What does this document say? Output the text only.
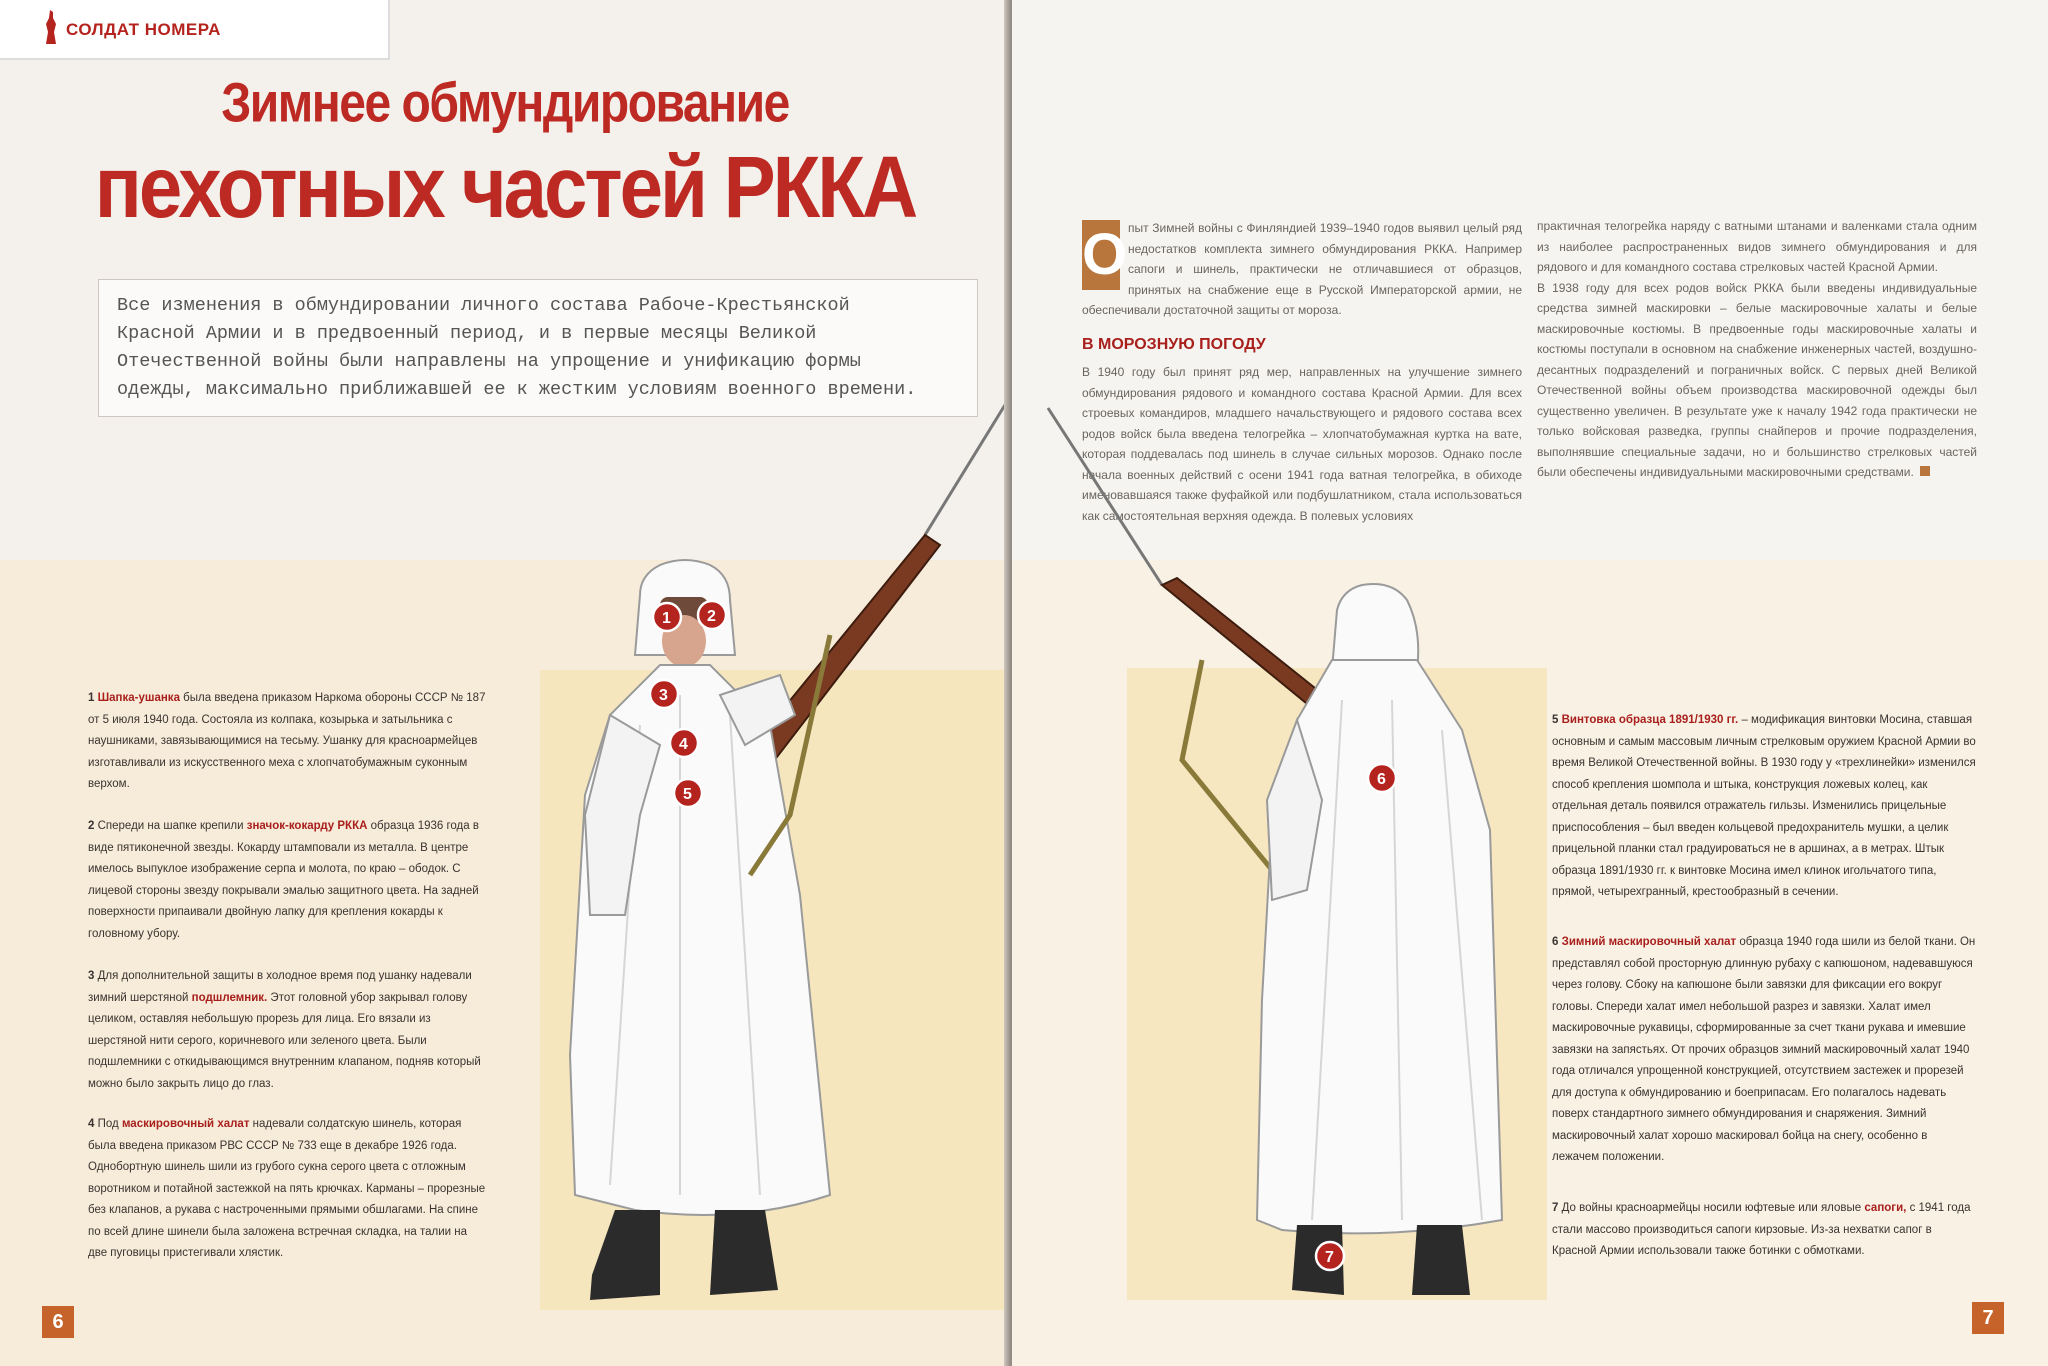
СОЛДАТ НОМЕРА
Зимнее обмундирование
пехотных частей РККА
Все изменения в обмундировании личного состава Рабоче-Крестьянской
Красной Армии и в предвоенный период, и в первые месяцы Великой
Отечественной войны были направлены на упрощение и унификацию формы
одежды, максимально приближавшей ее к жестким условиям военного времени.
1 2
3
4
5
1 Шапка-ушанка была введена приказом Наркома обороны СССР № 187 от 5 июля 1940 года. Состояла из колпака, козырька и затыльника с наушниками, завязывающимися на тесьму. Ушанку для красноармейцев изготавливали из искусственного меха с хлопчатобумажным суконным верхом.
2 Спереди на шапке крепили значок-кокарду РККА образца 1936 года в виде пятиконечной звезды. Кокарду штамповали из металла. В центре имелось выпуклое изображение серпа и молота, по краю – ободок. С лицевой стороны звезду покрывали эмалью защитного цвета. На задней поверхности припаивали двойную лапку для крепления кокарды к головному убору.
3 Для дополнительной защиты в холодное время под ушанку надевали зимний шерстяной подшлемник. Этот головной убор закрывал голову целиком, оставляя небольшую прорезь для лица. Его вязали из шерстяной нити серого, коричневого или зеленого цвета. Были подшлемники с откидывающимся внутренним клапаном, подняв который можно было закрыть лицо до глаз.
4 Под маскировочный халат надевали солдатскую шинель, которая была введена приказом РВС СССР № 733 еще в декабре 1926 года. Однобортную шинель шили из грубого сукна серого цвета с отложным воротником и потайной застежкой на пять крючках. Карманы – прорезные без клапанов, а рукава с настроченными прямыми обшлагами. На спине по всей длине шинели была заложена встречная складка, на талии на две пуговицы пристегивали хлястик.
6
О пыт Зимней войны с Финляндией 1939–1940 годов выявил целый ряд недостатков комплекта зимнего обмундирования РККА. Например сапоги и шинель, практически не отличавшиеся от образцов, принятых на снабжение еще в Русской Императорской армии, не обеспечивали достаточной защиты от мороза.
В МОРОЗНУЮ ПОГОДУ
В 1940 году был принят ряд мер, направленных на улучшение зимнего обмундирования рядового и командного состава Красной Армии. Для всех строевых командиров, младшего начальствующего и рядового состава всех родов войск была введена телогрейка – хлопчатобумажная куртка на вате, которая поддевалась под шинель в случае сильных морозов. Однако после начала военных действий с осени 1941 года ватная телогрейка, в обиходе именовавшаяся также фуфайкой или подбушлатником, стала использоваться как самостоятельная верхняя одежда. В полевых условиях
практичная телогрейка наряду с ватными штанами и валенками стала одним из наиболее распространенных видов зимнего обмундирования и для рядового и для командного состава стрелковых частей Красной Армии.
В 1938 году для всех родов войск РККА были введены индивидуальные средства зимней маскировки – белые маскировочные халаты и белые маскировочные костюмы. В предвоенные годы маскировочные халаты и костюмы поступали в основном на снабжение инженерных частей, воздушно-десантных подразделений и пограничных войск. С первых дней Великой Отечественной войны объем производства маскировочной одежды был существенно увеличен. В результате уже к началу 1942 года практически не только войсковая разведка, группы снайперов и прочие подразделения, выполнявшие специальные задачи, но и большинство стрелковых частей были обеспечены индивидуальными маскировочными средствами.
6
7
5 Винтовка образца 1891/1930 гг. – модификация винтовки Мосина, ставшая основным и самым массовым личным стрелковым оружием Красной Армии во время Великой Отечественной войны. В 1930 году у «трехлинейки» изменился способ крепления шомпола и штыка, конструкция ложевых колец, как отдельная деталь появился отражатель гильзы. Изменились прицельные приспособления – был введен кольцевой предохранитель мушки, а целик прицельной планки стал градуироваться не в аршинах, а в метрах. Штык образца 1891/1930 гг. к винтовке Мосина имел клинок игольчатого типа, прямой, четырехгранный, крестообразный в сечении.
6 Зимний маскировочный халат образца 1940 года шили из белой ткани. Он представлял собой просторную длинную рубаху с капюшоном, надевавшуюся через голову. Сбоку на капюшоне были завязки для фиксации его вокруг головы. Спереди халат имел небольшой разрез и завязки. Халат имел маскировочные рукавицы, сформированные за счет ткани рукава и имевшие завязки на запястьях. От прочих образцов зимний маскировочный халат 1940 года отличался упрощенной конструкцией, отсутствием застежек и прорезей для доступа к обмундированию и боеприпасам. Его полагалось надевать поверх стандартного зимнего обмундирования и снаряжения. Зимний маскировочный халат хорошо маскировал бойца на снегу, особенно в лежачем положении.
7 До войны красноармейцы носили юфтевые или яловые сапоги, с 1941 года стали массово производиться сапоги кирзовые. Из-за нехватки сапог в Красной Армии использовали также ботинки с обмотками.
7
